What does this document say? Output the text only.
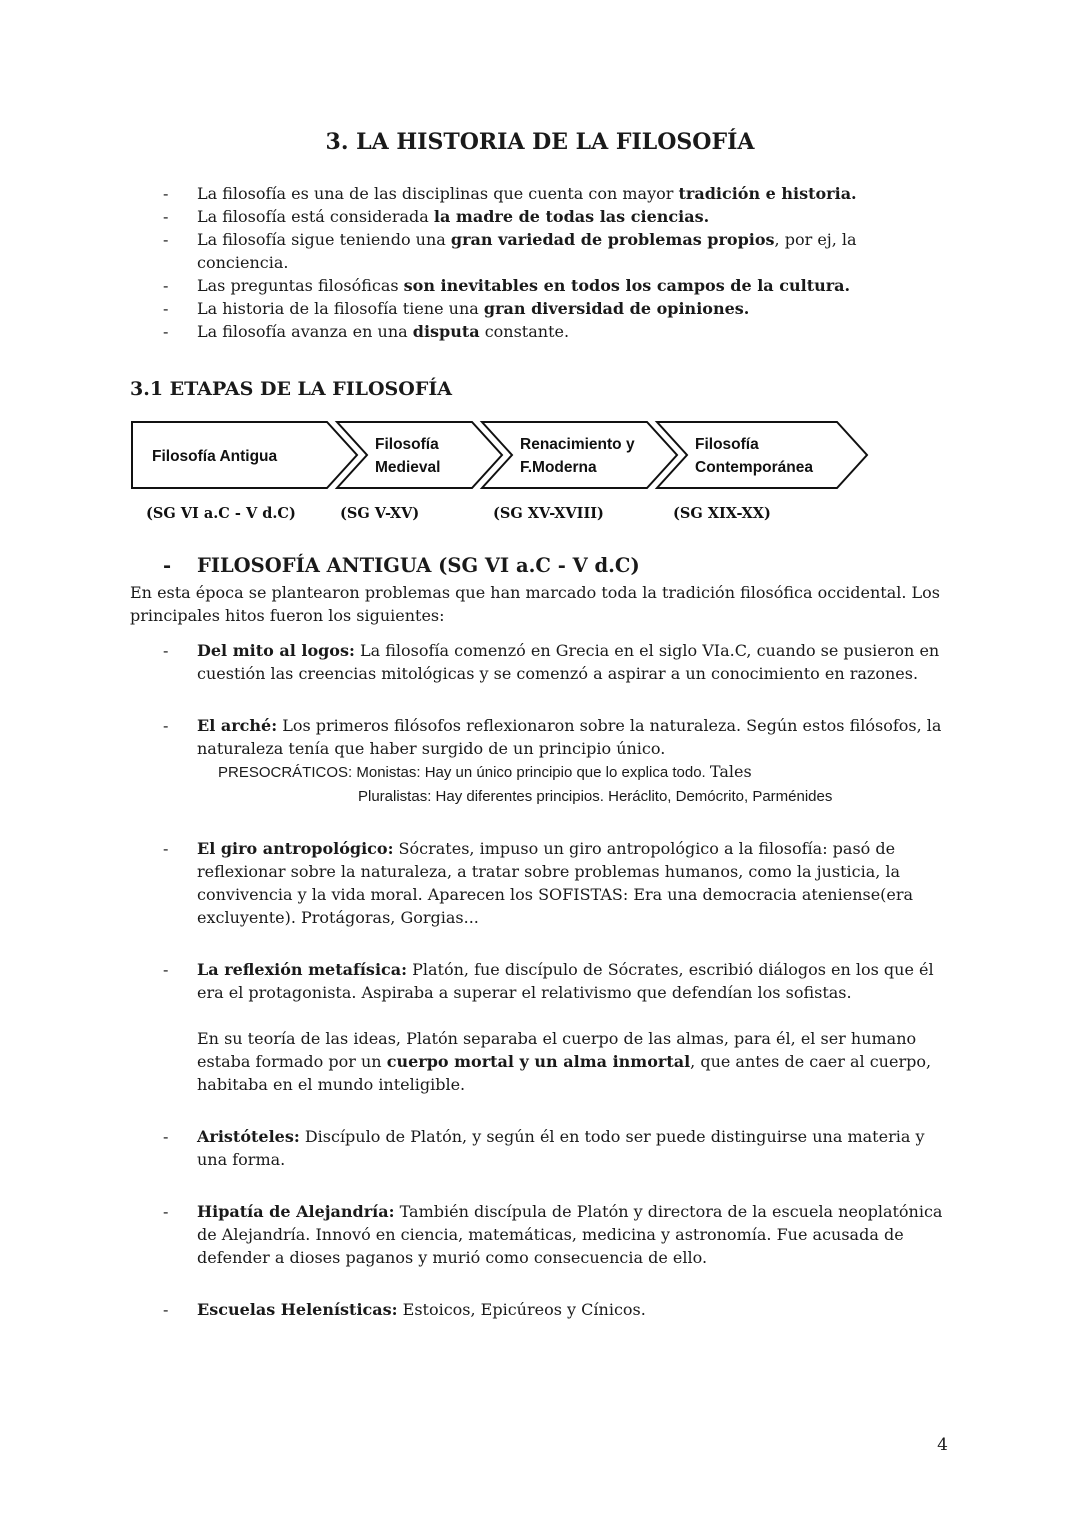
3. LA HISTORIA DE LA FILOSOFÍA
-	La filosofía es una de las disciplinas que cuenta con mayor tradición e historia.
-	La filosofía está considerada la madre de todas las ciencias.
-	La filosofía sigue teniendo una gran variedad de problemas propios, por ej, la conciencia.
-	Las preguntas filosóficas son inevitables en todos los campos de la cultura.
-	La historia de la filosofía tiene una gran diversidad de opiniones.
-	La filosofía avanza en una disputa constante.
3.1 ETAPAS DE LA FILOSOFÍA
Filosofía Antigua
Filosofía
Medieval
Renacimiento y
F.Moderna
Filosofía
Contemporánea
(SG VI a.C - V d.C)	(SG V-XV)	(SG XV-XVIII)	(SG XIX-XX)
-	FILOSOFÍA ANTIGUA (SG VI a.C - V d.C)

En esta época se plantearon problemas que han marcado toda la tradición filosófica occidental. Los principales hitos fueron los siguientes:

-	Del mito al logos: La filosofía comenzó en Grecia en el siglo VIa.C, cuando se pusieron en cuestión las creencias mitológicas y se comenzó a aspirar a un conocimiento en razones.

-	El arché: Los primeros filósofos reflexionaron sobre la naturaleza. Según estos filósofos, la naturaleza tenía que haber surgido de un principio único.

PRESOCRÁTICOS: Monistas: Hay un único principio que lo explica todo. Tales
Pluralistas: Hay diferentes principios. Heráclito, Demócrito, Parménides
-	El giro antropológico: Sócrates, impuso un giro antropológico a la filosofía: pasó de reflexionar sobre la naturaleza, a tratar sobre problemas humanos, como la justicia, la convivencia y la vida moral. Aparecen los SOFISTAS: Era una democracia ateniense(era excluyente). Protágoras, Gorgias...

-	La reflexión metafísica: Platón, fue discípulo de Sócrates, escribió diálogos en los que él era el protagonista. Aspiraba a superar el relativismo que defendían los sofistas.

En su teoría de las ideas, Platón separaba el cuerpo de las almas, para él, el ser humano estaba formado por un cuerpo mortal y un alma inmortal, que antes de caer al cuerpo, habitaba en el mundo inteligible.

-	Aristóteles: Discípulo de Platón, y según él en todo ser puede distinguirse una materia y una forma.

-	Hipatía de Alejandría: También discípula de Platón y directora de la escuela neoplatónica de Alejandría. Innovó en ciencia, matemáticas, medicina y astronomía. Fue acusada de defender a dioses paganos y murió como consecuencia de ello.

-	Escuelas Helenísticas: Estoicos, Epicúreos y Cínicos.

4
